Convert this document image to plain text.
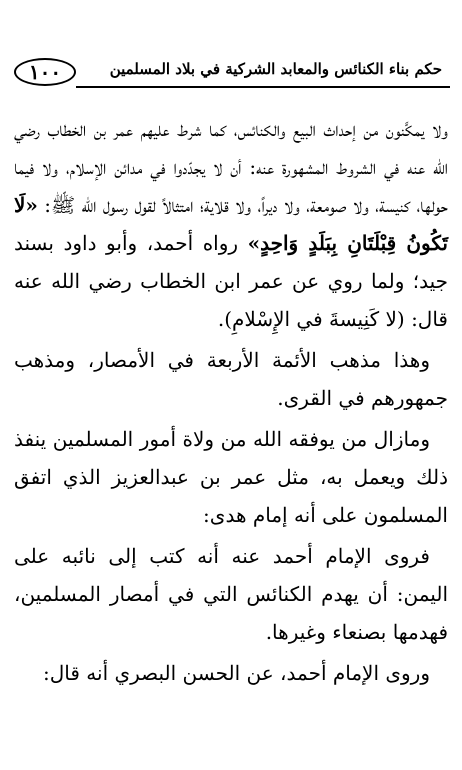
١٠٠	حكم بناء الكنائس والمعابد الشركية في بلاد المسلمين

ولا يمكَّنون من إحداث البيع والكنائس، كما شرط عليهم عمر بن الخطاب رضي الله عنه في الشروط المشهورة عنه: أن لا يجدّدوا في مدائن الإسلام، ولا فيما حولها، كنيسة، ولا صومعة، ولا ديراً، ولا قلاية؛ امتثالاً لقول رسول الله ﷺ: «لَا تَكُونُ قِبْلَتَانِ بِبَلَدٍ وَاحِدٍ» رواه أحمد، وأبو داود بسند جيد؛ ولما روي عن عمر ابن الخطاب رضي الله عنه قال: (لا كَنِيسةَ في الإِسْلامِ).

وهذا مذهب الأئمة الأربعة في الأمصار، ومذهب جمهورهم في القرى.

ومازال من يوفقه الله من ولاة أمور المسلمين ينفذ ذلك ويعمل به، مثل عمر بن عبدالعزيز الذي اتفق المسلمون على أنه إمام هدى:

فروى الإمام أحمد عنه أنه كتب إلى نائبه على اليمن: أن يهدم الكنائس التي في أمصار المسلمين، فهدمها بصنعاء وغيرها.

وروى الإمام أحمد، عن الحسن البصري أنه قال:
